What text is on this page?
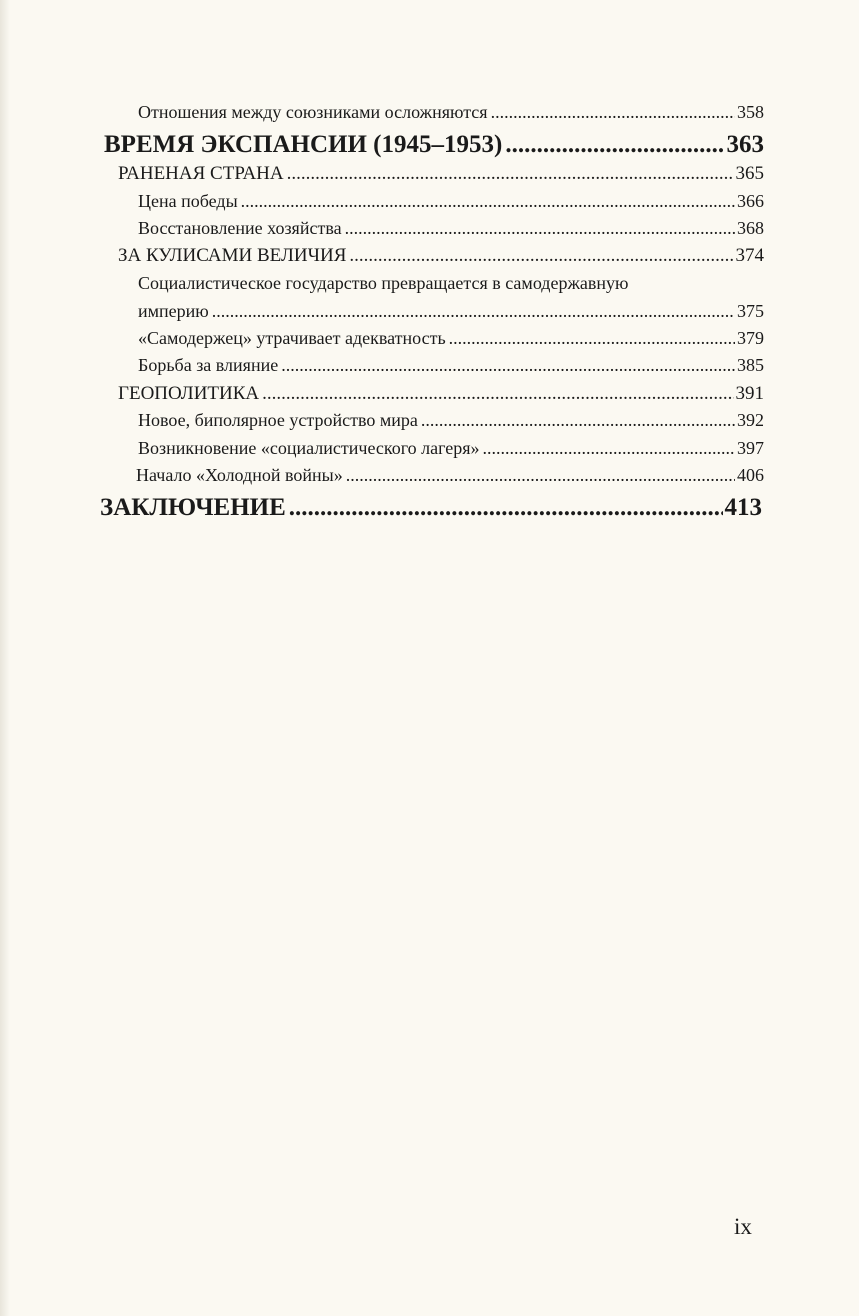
Отношения между союзниками осложняются .....	358
ВРЕМЯ ЭКСПАНСИИ (1945–1953) .....	363
РАНЕНАЯ СТРАНА .....	365
Цена победы .....	366
Восстановление хозяйства .....	368
ЗА КУЛИСАМИ ВЕЛИЧИЯ .....	374
Социалистическое государство превращается в самодержавную
империю .....	375
«Самодержец» утрачивает адекватность .....	379
Борьба за влияние .....	385
ГЕОПОЛИТИКА .....	391
Новое, биполярное устройство мира .....	392
Возникновение «социалистического лагеря» .....	397
Начало «Холодной войны» .....	406
ЗАКЛЮЧЕНИЕ .....	413
ix
